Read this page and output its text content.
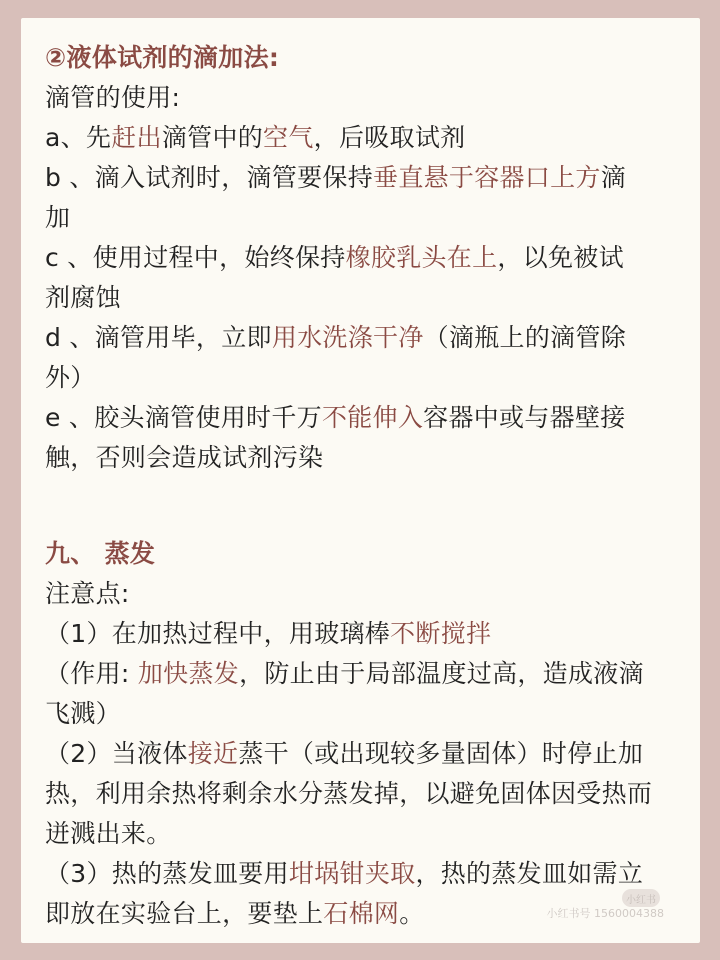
②液体试剂的滴加法:
滴管的使用:
a、先赶出滴管中的空气，后吸取试剂
b 、滴入试剂时，滴管要保持垂直悬于容器口上方滴
加
c 、使用过程中，始终保持橡胶乳头在上，以免被试
剂腐蚀
d 、滴管用毕，立即用水洗涤干净（滴瓶上的滴管除
外）
e 、胶头滴管使用时千万不能伸入容器中或与器壁接
触，否则会造成试剂污染
九、 蒸发
注意点:
（1）在加热过程中，用玻璃棒不断搅拌
（作用: 加快蒸发，防止由于局部温度过高，造成液滴
飞溅）
（2）当液体接近蒸干（或出现较多量固体）时停止加
热，利用余热将剩余水分蒸发掉，以避免固体因受热而
迸溅出来。
（3）热的蒸发皿要用坩埚钳夹取，热的蒸发皿如需立
即放在实验台上，要垫上石棉网。	小红书
小红书号 1560004388
